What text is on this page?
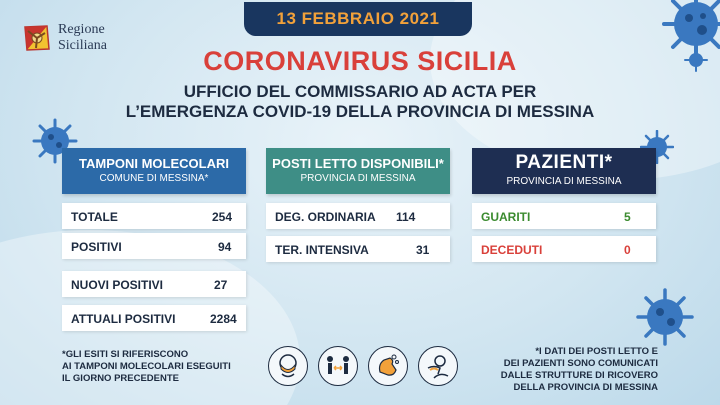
Regione
Siciliana
13 FEBBRAIO 2021
CORONAVIRUS SICILIA
UFFICIO DEL COMMISSARIO AD ACTA PER
L’EMERGENZA COVID-19 DELLA PROVINCIA DI MESSINA
TAMPONI MOLECOLARI
COMUNE DI MESSINA*
POSTI LETTO DISPONIBILI*
PROVINCIA DI MESSINA
PAZIENTI*
PROVINCIA DI MESSINA
TOTALE	254
POSITIVI	94
NUOVI POSITIVI	27
ATTUALI POSITIVI	2284
DEG. ORDINARIA 114
TER. INTENSIVA	31
GUARITI	5
DECEDUTI	0
*GLI ESITI SI RIFERISCONO
AI TAMPONI MOLECOLARI ESEGUITI
IL GIORNO PRECEDENTE
*I DATI DEI POSTI LETTO E
DEI PAZIENTI SONO COMUNICATI
DALLE STRUTTURE DI RICOVERO
DELLA PROVINCIA DI MESSINA
